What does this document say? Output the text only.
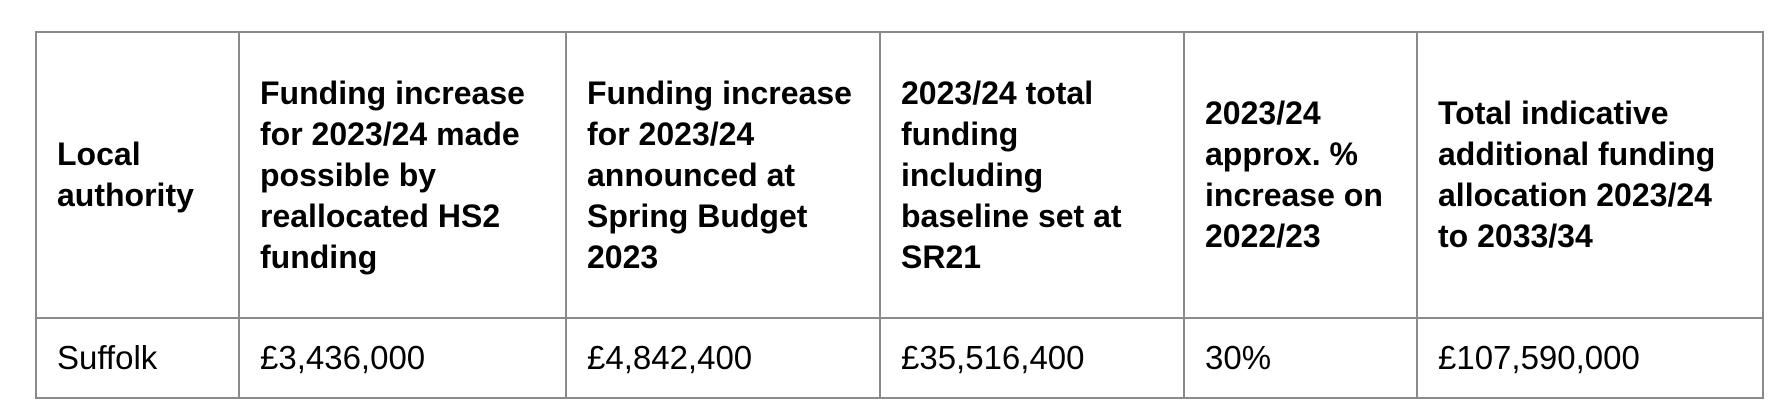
Local authority	Funding increase for 2023/24 made possible by reallocated HS2 funding	Funding increase for 2023/24 announced at Spring Budget 2023	2023/24 total funding including baseline set at SR21	2023/24 approx. % increase on 2022/23	Total indicative additional funding allocation 2023/24 to 2033/34
Suffolk	£3,436,000	£4,842,400	£35,516,400	30%	£107,590,000
